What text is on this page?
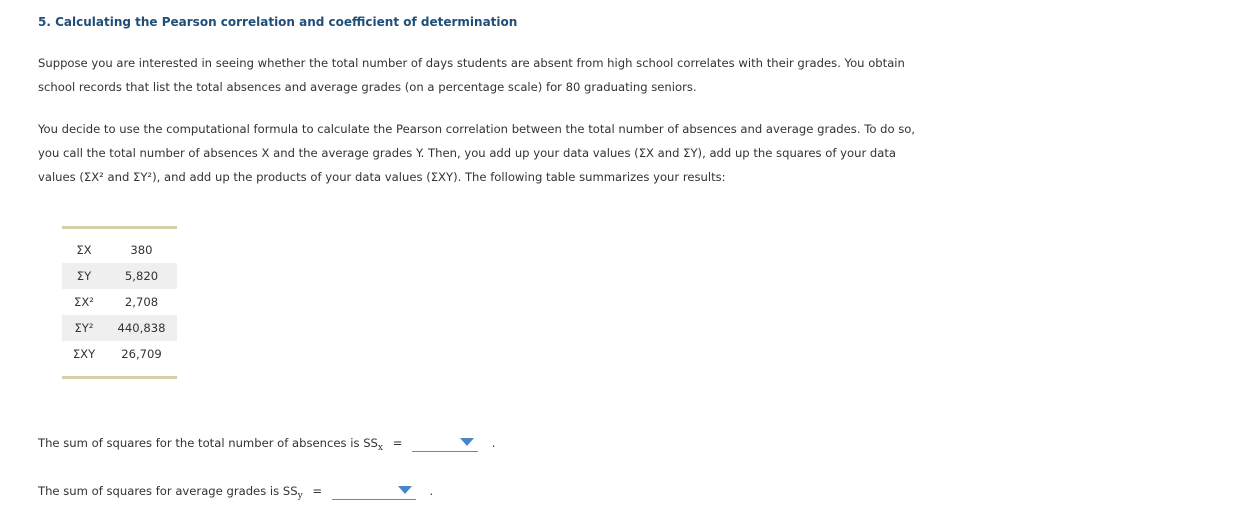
5. Calculating the Pearson correlation and coefficient of determination
Suppose you are interested in seeing whether the total number of days students are absent from high school correlates with their grades. You obtain
school records that list the total absences and average grades (on a percentage scale) for 80 graduating seniors.
You decide to use the computational formula to calculate the Pearson correlation between the total number of absences and average grades. To do so,
you call the total number of absences X and the average grades Y. Then, you add up your data values (ΣX and ΣY), add up the squares of your data
values (ΣX² and ΣY²), and add up the products of your data values (ΣXY). The following table summarizes your results:
ΣX	380
ΣY	5,820
ΣX²	2,708
ΣY²	440,838
ΣXY	26,709
The sum of squares for the total number of absences is $SS_x$ =	.
The sum of squares for average grades is $SS_y$ =	.
